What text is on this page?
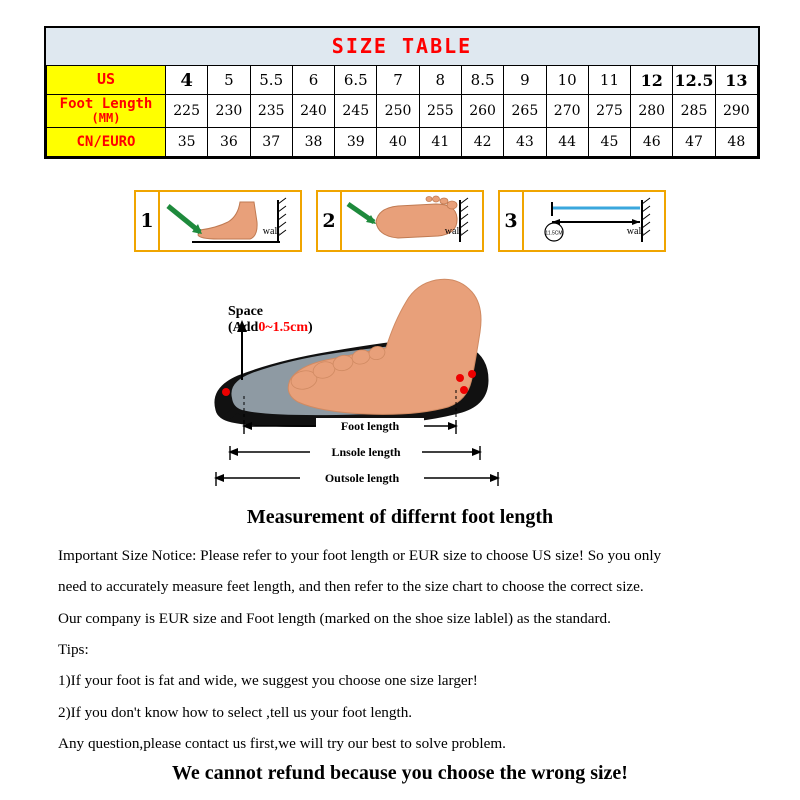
SIZE TABLE
US	4	5	5.5	6	6.5	7	8	8.5	9	10	11	12	12.5	13
Foot Length
(MM)	225	230	235	240	245	250	255	260	265	270	275	280	285	290
CN/EURO	35	36	37	38	39	40	41	42	43	44	45	46	47	48
1	wall 2	wall 3
11.5CM	wall
Foot length
Lnsole length
Outsole length
Space
(Add0~1.5cm)
Measurement of differnt foot length

Important Size Notice: Please refer to your foot length or EUR size to choose US size! So you only

need to accurately measure feet length, and then refer to the size chart to choose the correct size.

Our company is EUR size and Foot length (marked on the shoe size lablel) as the standard.

Tips:

1)If your foot is fat and wide, we suggest you choose one size larger!

2)If you don't know how to select ,tell us your foot length.

Any question,please contact us first,we will try our best to solve problem.

We cannot refund because you choose the wrong size!
